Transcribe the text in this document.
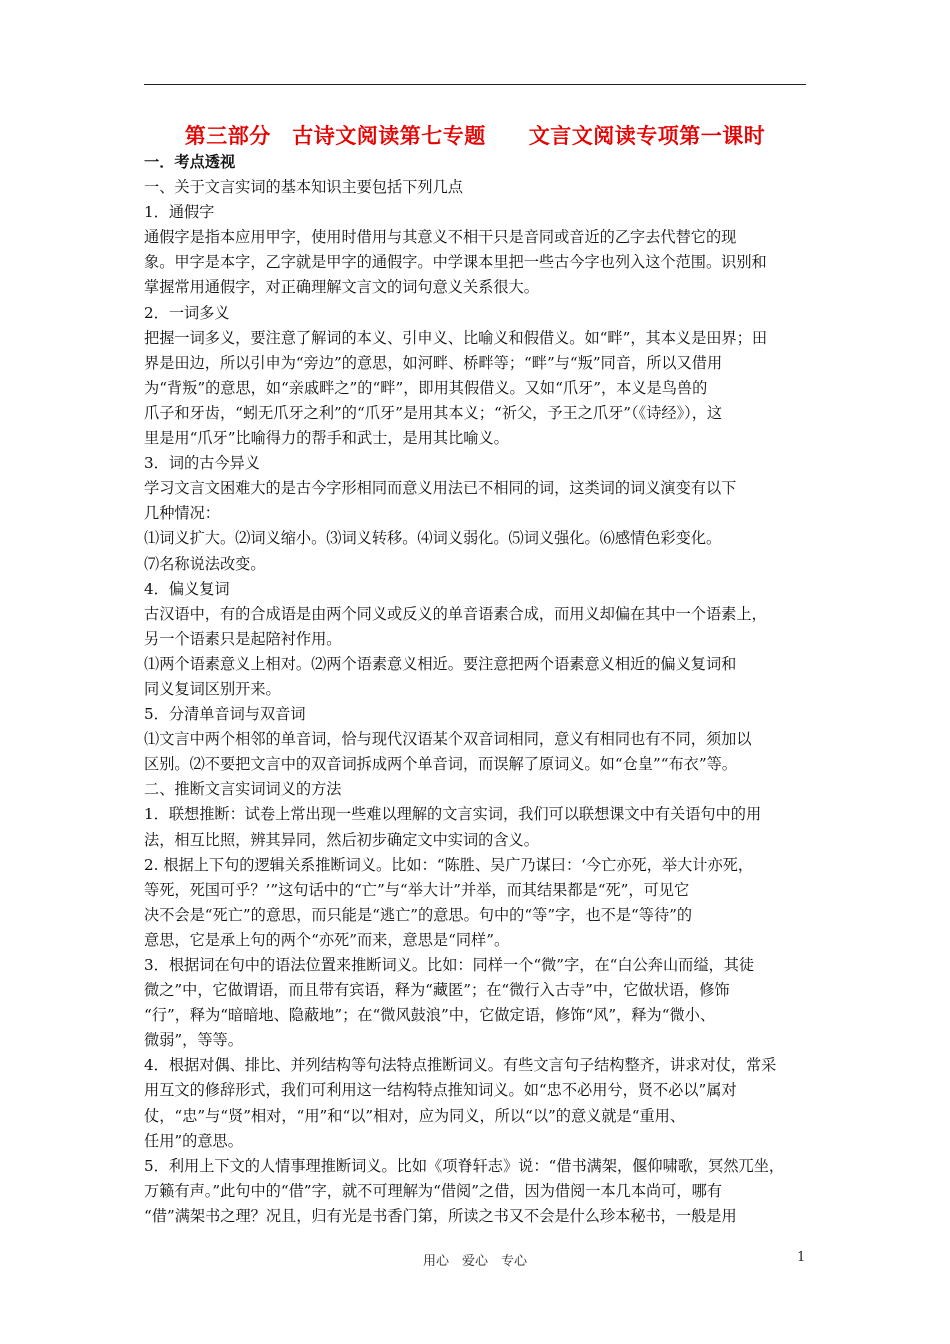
第三部分　古诗文阅读第七专题　　文言文阅读专项第一课时
一．考点透视
一、关于文言实词的基本知识主要包括下列几点
1．通假字
通假字是指本应用甲字，使用时借用与其意义不相干只是音同或音近的乙字去代替它的现
象。甲字是本字，乙字就是甲字的通假字。中学课本里把一些古今字也列入这个范围。识别和
掌握常用通假字，对正确理解文言文的词句意义关系很大。
2．一词多义
把握一词多义，要注意了解词的本义、引申义、比喻义和假借义。如“畔”，其本义是田界；田
界是田边，所以引申为“旁边”的意思，如河畔、桥畔等；“畔”与“叛”同音，所以又借用
为“背叛”的意思，如“亲戚畔之”的“畔”，即用其假借义。又如“爪牙”，本义是鸟兽的
爪子和牙齿，“蚓无爪牙之利”的“爪牙”是用其本义；“祈父，予王之爪牙”（《诗经》），这
里是用“爪牙”比喻得力的帮手和武士，是用其比喻义。
3．词的古今异义
学习文言文困难大的是古今字形相同而意义用法已不相同的词，这类词的词义演变有以下
几种情况：
⑴词义扩大。⑵词义缩小。⑶词义转移。⑷词义弱化。⑸词义强化。⑹感情色彩变化。
⑺名称说法改变。
4．偏义复词
古汉语中，有的合成语是由两个同义或反义的单音语素合成，而用义却偏在其中一个语素上，
另一个语素只是起陪衬作用。
⑴两个语素意义上相对。⑵两个语素意义相近。要注意把两个语素意义相近的偏义复词和
同义复词区别开来。
5．分清单音词与双音词
⑴文言中两个相邻的单音词，恰与现代汉语某个双音词相同，意义有相同也有不同，须加以
区别。⑵不要把文言中的双音词拆成两个单音词，而误解了原词义。如“仓皇”“布衣”等。
二、推断文言实词词义的方法
1．联想推断：试卷上常出现一些难以理解的文言实词，我们可以联想课文中有关语句中的用
法，相互比照，辨其异同，然后初步确定文中实词的含义。
2. 根据上下句的逻辑关系推断词义。比如：“陈胜、吴广乃谋曰：‘今亡亦死，举大计亦死，
等死，死国可乎？’”这句话中的“亡”与“举大计”并举，而其结果都是“死”，可见它
决不会是“死亡”的意思，而只能是“逃亡”的意思。句中的“等”字，也不是“等待”的
意思，它是承上句的两个“亦死”而来，意思是“同样”。
3．根据词在句中的语法位置来推断词义。比如：同样一个“微”字，在“白公奔山而缢，其徒
微之”中，它做谓语，而且带有宾语，释为“藏匿”；在“微行入古寺”中，它做状语，修饰
“行”，释为“暗暗地、隐蔽地”；在“微风鼓浪”中，它做定语，修饰“风”，释为“微小、
微弱”，等等。
4．根据对偶、排比、并列结构等句法特点推断词义。有些文言句子结构整齐，讲求对仗，常采
用互文的修辞形式，我们可利用这一结构特点推知词义。如“忠不必用兮，贤不必以”属对
仗，“忠”与“贤”相对，“用”和“以”相对，应为同义，所以“以”的意义就是“重用、
任用”的意思。
5．利用上下文的人情事理推断词义。比如《项脊轩志》说：“借书满架，偃仰啸歌，冥然兀坐，
万籁有声。”此句中的“借”字，就不可理解为“借阅”之借，因为借阅一本几本尚可，哪有
“借”满架书之理？况且，归有光是书香门第，所读之书又不会是什么珍本秘书，一般是用
用心　爱心　专心	1
